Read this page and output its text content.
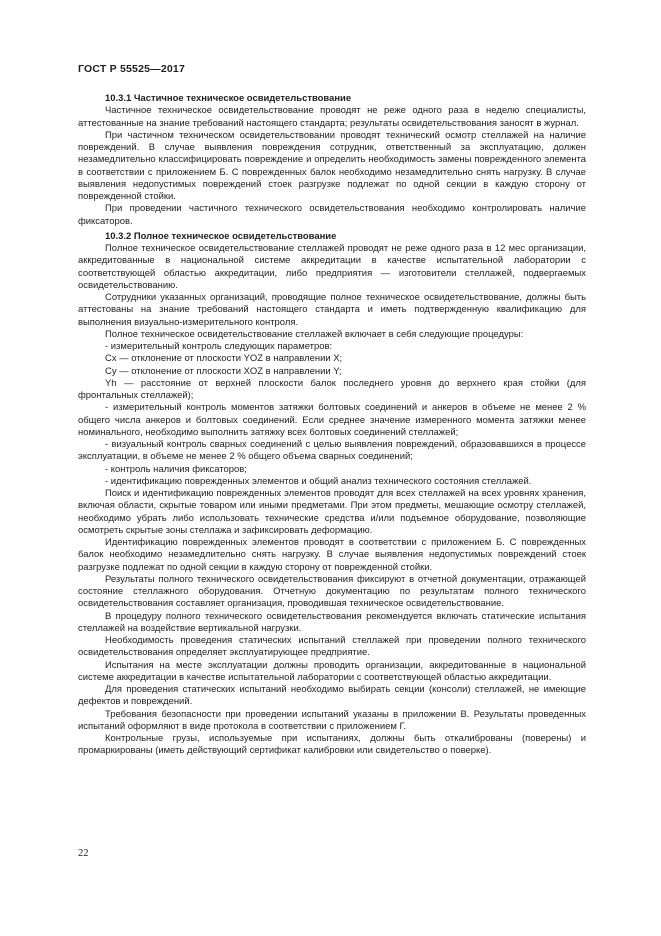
ГОСТ Р 55525—2017

10.3.1 Частичное техническое освидетельствование

Частичное техническое освидетельствование проводят не реже одного раза в неделю специалисты, аттестованные на знание требований настоящего стандарта; результаты освидетельствования заносят в журнал.

При частичном техническом освидетельствовании проводят технический осмотр стеллажей на наличие повреждений. В случае выявления повреждения сотрудник, ответственный за эксплуатацию, должен незамедлительно классифицировать повреждение и определить необходимость замены поврежденного элемента в соответствии с приложением Б. С поврежденных балок необходимо незамедлительно снять нагрузку. В случае выявления недопустимых повреждений стоек разгрузке подлежат по одной секции в каждую сторону от поврежденной стойки.

При проведении частичного технического освидетельствования необходимо контролировать наличие фиксаторов.

10.3.2 Полное техническое освидетельствование

Полное техническое освидетельствование стеллажей проводят не реже одного раза в 12 мес организации, аккредитованные в национальной системе аккредитации в качестве испытательной лаборатории с соответствующей областью аккредитации, либо предприятия — изготовители стеллажей, подвергаемых освидетельствованию.

Сотрудники указанных организаций, проводящие полное техническое освидетельствование, должны быть аттестованы на знание требований настоящего стандарта и иметь подтвержденную квалификацию для выполнения визуально-измерительного контроля.

Полное техническое освидетельствование стеллажей включает в себя следующие процедуры:

- измерительный контроль следующих параметров:

Cx — отклонение от плоскости YOZ в направлении X;

Cy — отклонение от плоскости XOZ в направлении Y;

Yh — расстояние от верхней плоскости балок последнего уровня до верхнего края стойки (для фронтальных стеллажей);

- измерительный контроль моментов затяжки болтовых соединений и анкеров в объеме не менее 2 % общего числа анкеров и болтовых соединений. Если среднее значение измеренного момента затяжки менее номинального, необходимо выполнить затяжку всех болтовых соединений стеллажей;

- визуальный контроль сварных соединений с целью выявления повреждений, образовавшихся в процессе эксплуатации, в объеме не менее 2 % общего объема сварных соединений;

- контроль наличия фиксаторов;

- идентификацию поврежденных элементов и общий анализ технического состояния стеллажей.

Поиск и идентификацию поврежденных элементов проводят для всех стеллажей на всех уровнях хранения, включая области, скрытые товаром или иными предметами. При этом предметы, мешающие осмотру стеллажей, необходимо убрать либо использовать технические средства и/или подъемное оборудование, позволяющие осмотреть скрытые зоны стеллажа и зафиксировать деформацию.

Идентификацию поврежденных элементов проводят в соответствии с приложением Б. С поврежденных балок необходимо незамедлительно снять нагрузку. В случае выявления недопустимых повреждений стоек разгрузке подлежат по одной секции в каждую сторону от поврежденной стойки.

Результаты полного технического освидетельствования фиксируют в отчетной документации, отражающей состояние стеллажного оборудования. Отчетную документацию по результатам полного технического освидетельствования составляет организация, проводившая техническое освидетельствование.

В процедуру полного технического освидетельствования рекомендуется включать статические испытания стеллажей на воздействие вертикальной нагрузки.

Необходимость проведения статических испытаний стеллажей при проведении полного технического освидетельствования определяет эксплуатирующее предприятие.

Испытания на месте эксплуатации должны проводить организации, аккредитованные в национальной системе аккредитации в качестве испытательной лаборатории с соответствующей областью аккредитации.

Для проведения статических испытаний необходимо выбирать секции (консоли) стеллажей, не имеющие дефектов и повреждений.

Требования безопасности при проведении испытаний указаны в приложении В. Результаты проведенных испытаний оформляют в виде протокола в соответствии с приложением Г.

Контрольные грузы, используемые при испытаниях, должны быть откалиброваны (поверены) и промаркированы (иметь действующий сертификат калибровки или свидетельство о поверке).

22
